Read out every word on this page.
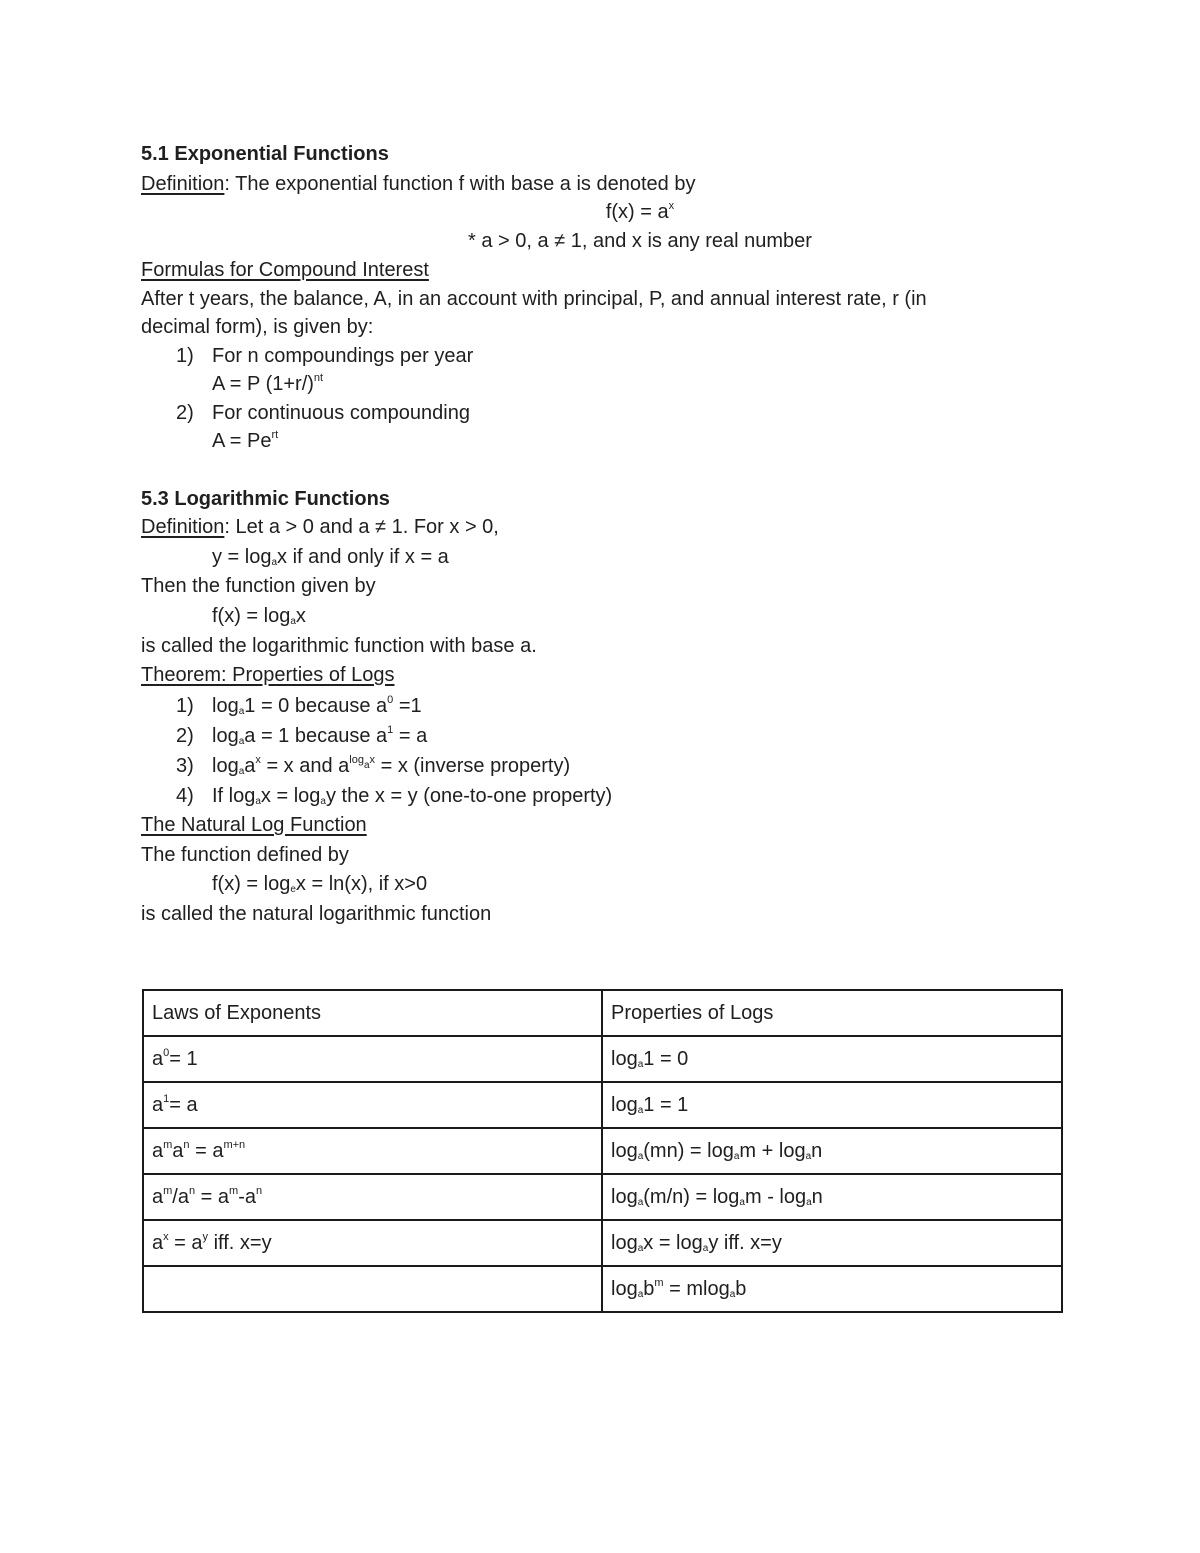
5.1 Exponential Functions
Definition: The exponential function f with base a is denoted by
$f(x) = a^x$
* a > 0, a ≠ 1, and x is any real number
Formulas for Compound Interest
After t years, the balance, A, in an account with principal, P, and annual interest rate, r (in
decimal form), is given by:
1) For n compoundings per year
A = P $(1+r/)^{nt}$
2) For continuous compounding
$A = Pe^{rt}$
5.3 Logarithmic Functions
Definition: Let a > 0 and a ≠ 1. For x > 0,
$y = \log_ax$ if and only if x = a
Then the function given by
$f(x) = \log_ax$
is called the logarithmic function with base a.
Theorem: Properties of Logs
1) $\log_a1 = 0$ because $a^0 =1$
2) $\log_aa = 1$ because $a^1 = a$
3) $\log_aa^x = x$ and $a^{log}_a^x = x$ (inverse property)
4) If $\log_ax = \log_ay$ the x = y (one-to-one property)
The Natural Log Function
The function defined by
$f(x) = \log_ex = \ln(x)$, if x>0
is called the natural logarithmic function
Laws of Exponents	Properties of Logs
$a^0= 1$	$\log_a1 = 0$
$a^1= a$	$\log_a1 = 1$
$a^ma^n = a^{m+n}$	$\log_a(mn) = \log_am + \log_an$
$a^m/a^n = a^m-a^n$	$\log_a(m/n) = \log_am - \log_an$
$a^x = a^y$ iff. x=y	$\log_ax = \log_ay$ iff. x=y
	$\log_ab^m = mlog_ab$
